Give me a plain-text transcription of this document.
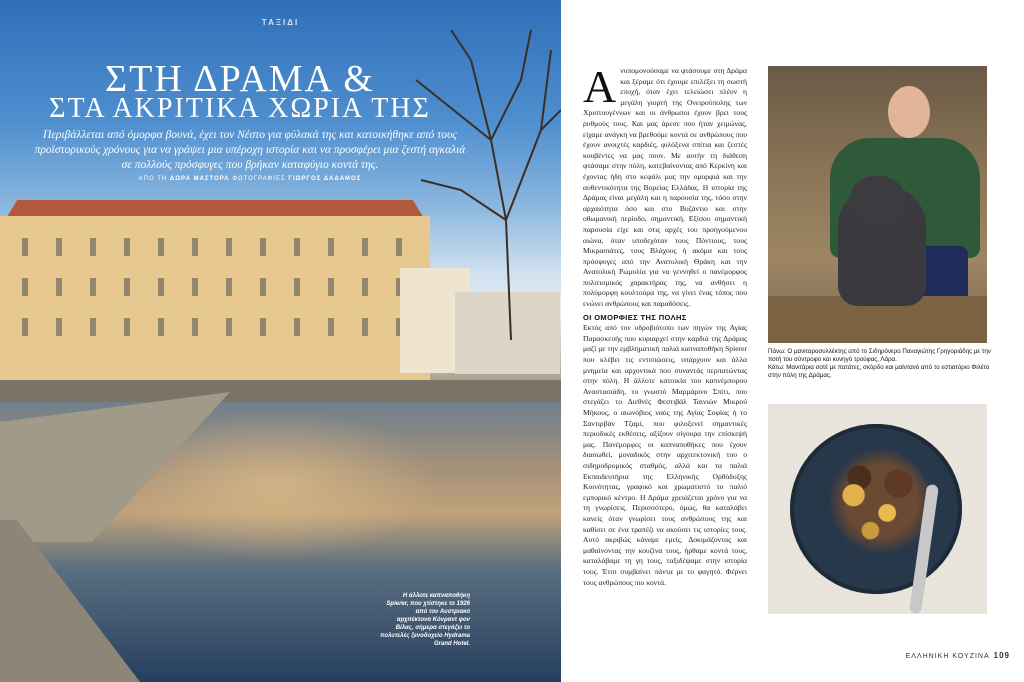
ΤΑΞΙΔΙ
ΣΤΗ ΔΡΑΜΑ &
ΣΤΑ ΑΚΡΙΤΙΚΑ ΧΩΡΙΑ ΤΗΣ
Περιβάλλεται από όμορφα βουνά, έχει τον Νέστο για φύλακά της και κατοικήθηκε από τους προϊστορικούς χρόνους για να γράψει μια υπέροχη ιστορία και να προσφέρει μια ζεστή αγκαλιά σε πολλούς πρόσφυγες που βρήκαν καταφύγιο κοντά της.
ΑΠΟ ΤΗ ΔΩΡΑ ΜΑΣΤΟΡΑ ΦΩΤΟΓΡΑΦΙΕΣ ΓΙΩΡΓΟΣ ΔΑΔΑΜΟΣ
Η άλλοτε καπναποθήκη Spierer, που χτίστηκε το 1926 από τον Αυστριακό αρχιτέκτονα Κόνραντ φον Βίλας, σήμερα στεγάζει το πολυτελές ξενοδοχείο Hydrama Grand Hotel.

Ανυπομονούσαμε να φτάσουμε στη Δράμα και ξέραμε ότι έχουμε επιλέξει τη σωστή εποχή, όταν έχει τελειώσει πλέον η μεγάλη γιορτή της Ονειρούπολης των Χριστουγέννων και οι άνθρωποι έχουν βρει τους ρυθμούς τους. Και μας άρεσε που ήταν χειμώνας, είχαμε ανάγκη να βρεθούμε κοντά σε ανθρώπους που έχουν ανοιχτές καρδιές, φιλόξενα σπίτια και ζεστές κουβέντες να μας πουν. Με αυτήν τη διάθεση φτάσαμε στην πόλη, κατεβαίνοντας από Κερκίνη και έχοντας ήδη στο κεφάλι μας την ομορφιά και την αυθεντικότητα της Βορείας Ελλάδας. Η ιστορία της Δράμας είναι μεγάλη και η παρουσία της, τόσο στην αρχαιότητα όσο και στο Βυζάντιο και στην οθωμανική περίοδο, σημαντική. Εξίσου σημαντική παρουσία είχε και στις αρχές του προηγούμενου αιώνα, όταν υποδεχόταν τους Πόντιους, τους Μικρασιάτες, τους Βλάχους ή ακόμα και τους πρόσφυγες από την Ανατολική Θράκη και την Ανατολική Ρωμυλία για να γεννηθεί ο πανέμορφος πολιτισμικός χαρακτήρας της, να ανθήσει η πολύμορφη κουλτούρα της, να γίνει ένας τόπος που ενώνει ανθρώπους και παραδόσεις.

ΟΙ ΟΜΟΡΦΙΕΣ ΤΗΣ ΠΟΛΗΣ

Εκτός από τον υδροβιότοπο των πηγών της Αγίας Παρασκευής που κυριαρχεί στην καρδιά της Δράμας μαζί με την εμβληματική παλιά καπναποθήκη Spierer που κλέβει τις εντυπώσεις, υπάρχουν και άλλα μνημεία και αρχοντικά που συναντάς περπατώντας στην πόλη. Η άλλοτε κατοικία του καπνέμπορου Αναστασιάδη, το γνωστό Μαρμάρινο Σπίτι, που στεγάζει το Διεθνές Φεστιβάλ Ταινιών Μικρού Μήκους, ο αιωνόβιος ναός της Αγίας Σοφίας ή το Σαντιρβάν Τζαμί, που φιλοξενεί σημαντικές περιοδικές εκθέσεις, αξίζουν σίγουρα την επίσκεψή μας. Πανέμορφες οι καπναποθήκες που έχουν διασωθεί, μοναδικός στην αρχιτεκτονική του ο σιδηροδρομικός σταθμός, αλλά και τα παλιά Εκπαιδευτήρια της Ελληνικής Ορθόδοξης Κοινότητας, γραφικό και χρωματιστό το παλιό εμπορικό κέντρο. Η Δράμα χρειάζεται χρόνο για να τη γνωρίσεις. Περισσότερο, όμως, θα καταλάβει κανείς όταν γνωρίσει τους ανθρώπους της και καθίσει σε ένα τραπέζι να ακούσει τις ιστορίες τους. Αυτό ακριβώς κάναμε εμείς. Δοκιμάζοντας και μαθαίνοντας την κουζίνα τους, ήρθαμε κοντά τους, καταλάβαμε τη γη τους, ταξιδέψαμε στην ιστορία τους. Έτσι συμβαίνει πάντα με το φαγητό. Φέρνει τους ανθρώπους πιο κοντά.

Πάνω: Ο μανιταροσυλλέκτης από το Σιδηρόνερο Παναγιώτης Γρηγοριάδης με την ποτή του σύντροφο και κυνηγό τρούφας, Λάρα.
Κάτω: Μανιτάρια σοτέ με πατάτες, σκόρδο και μαϊντανό από το εστιατόριο Φιλέτο στην πόλη της Δράμας.
ΕΛΛΗΝΙΚΗ ΚΟΥΖΙΝΑ 109
